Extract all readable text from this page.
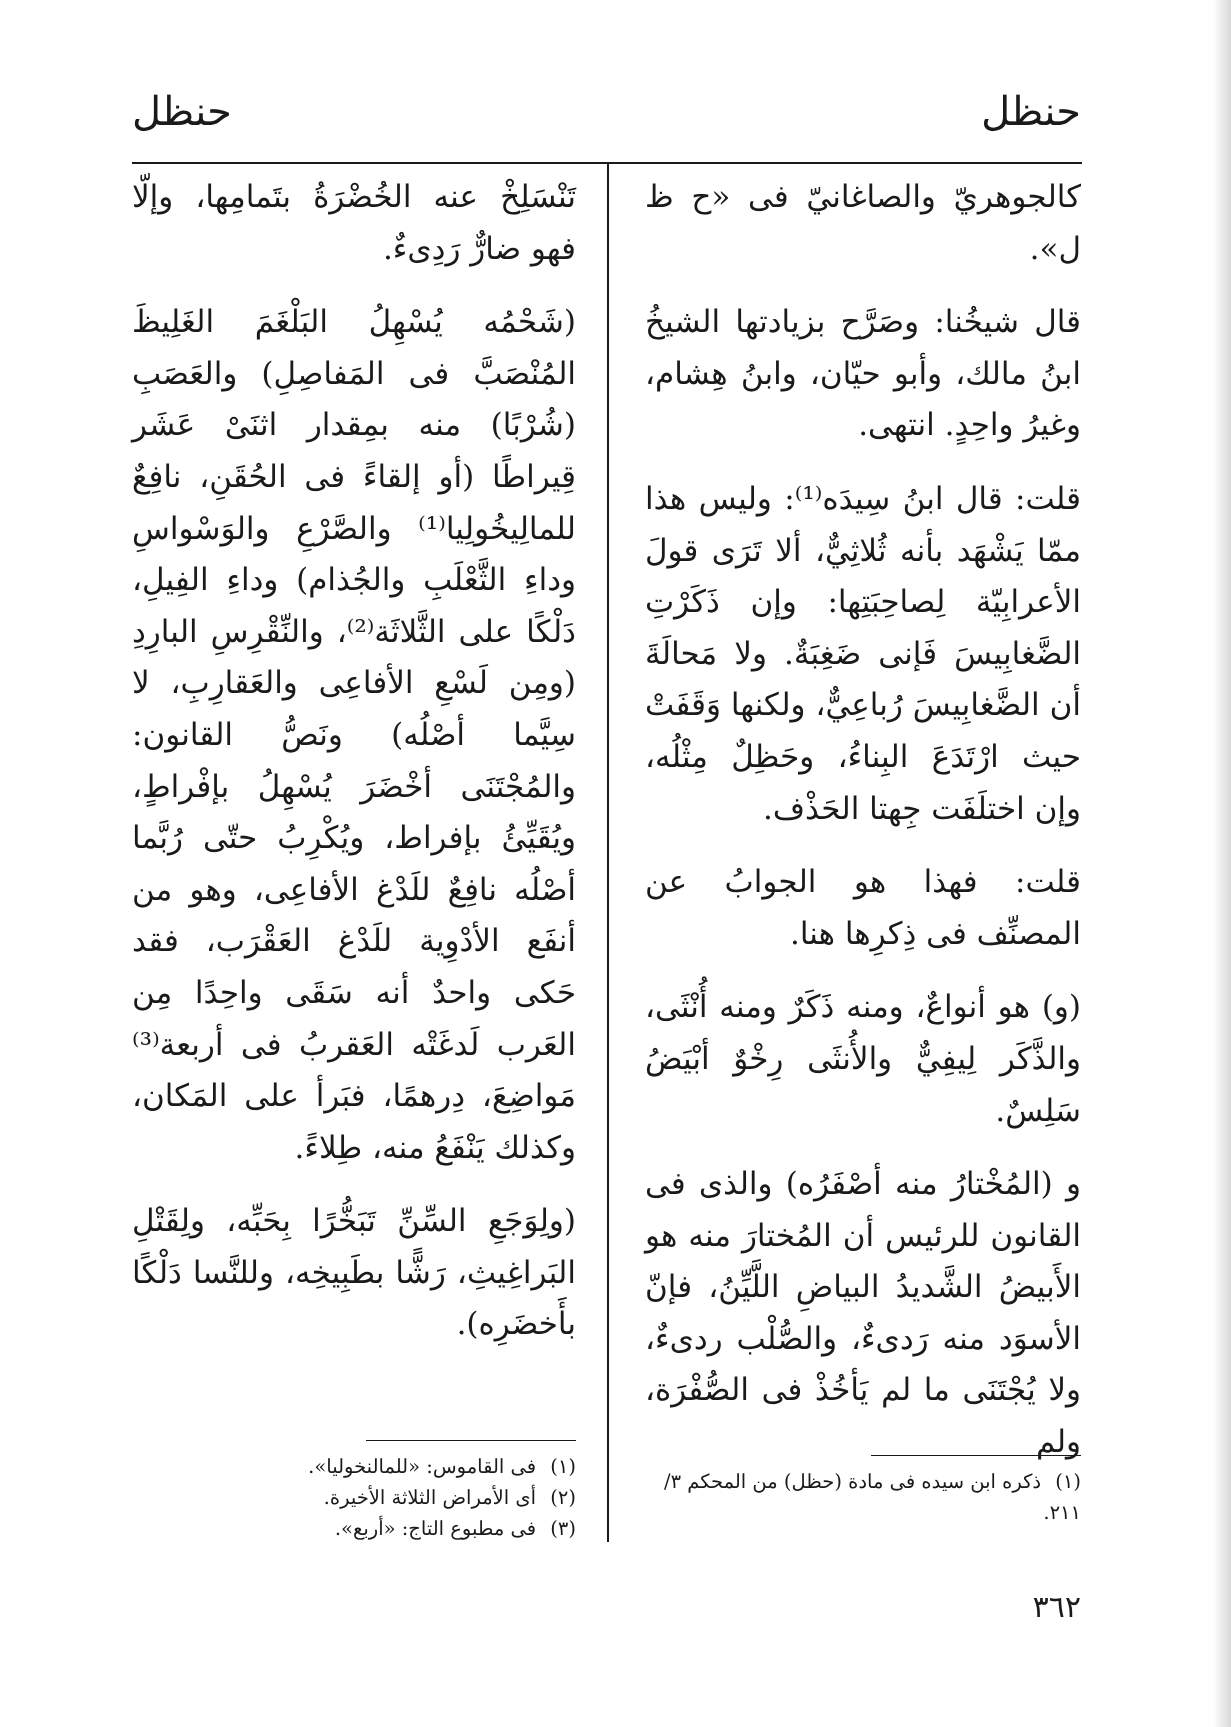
حنظل
حنظل

كالجوهريّ والصاغانيّ فى «ح ظ ل».

قال شيخُنا: وصَرَّح بزيادتها الشيخُ ابنُ مالك، وأبو حيّان، وابنُ هِشام، وغيرُ واحِدٍ. انتهى.

قلت: قال ابنُ سِيدَه⁽¹⁾: وليس هذا ممّا يَشْهَد بأنه ثُلاثِيٌّ، ألا تَرَى قولَ الأعرابِيّة لِصاحِبَتِها: وإن ذَكَرْتِ الضَّغابِيسَ فَإنى ضَغِبَةٌ. ولا مَحالَةَ أن الضَّغابِيسَ رُباعِيٌّ، ولكنها وَقَفَتْ حيث ارْتَدَعَ البِناءُ، وحَظِلٌ مِثْلُه، وإن اختلَفَت جِهتا الحَذْف.

قلت: فهذا هو الجوابُ عن المصنِّف فى ذِكرِها هنا.

(و) هو أنواعٌ، ومنه ذَكَرٌ ومنه أُنْثَى، والذَّكَر لِيفِيٌّ والأُنثَى رِخْوٌ أبْيَضُ سَلِسٌ.

و (المُخْتارُ منه أصْفَرُه) والذى فى القانون للرئيس أن المُختارَ منه هو الأَبيضُ الشَّديدُ البياضِ اللَّيِّنُ، فإنّ الأسوَد منه رَدىءٌ، والصُّلْب ردىءٌ، ولا يُجْتَنَى ما لم يَأخُذْ فى الصُّفْرَة، ولم

(١) ذكره ابن سيده فى مادة (حظل) من المحكم ٣/ ٢١١.

تَنْسَلِخْ عنه الخُضْرَةُ بتَمامِها، وإلّا فهو ضارٌّ رَدِىءٌ.

(شَحْمُه يُسْهِلُ البَلْغَمَ الغَلِيظَ المُنْصَبَّ فى المَفاصِلِ) والعَصَبِ (شُرْبًا) منه بمِقدار اثنَىْ عَشَر قِيراطًا (أو إلقاءً فى الحُقَنِ، نافِعٌ للمالِيخُولِيا⁽¹⁾ والصَّرْعِ والوَسْواسِ وداءِ الثَّعْلَبِ والجُذام) وداءِ الفِيلِ، دَلْكًا على الثَّلاثَة⁽²⁾، والنِّقْرِسِ البارِدِ (ومِن لَسْعِ الأفاعِى والعَقارِبِ، لا سِيَّما أصْلُه) ونَصُّ القانون: والمُجْتَنَى أخْضَرَ يُسْهِلُ بإفْراطٍ، ويُقَيِّئُ بإفراط، ويُكْرِبُ حتّى رُبَّما أصْلُه نافِعٌ للَدْغ الأفاعِى، وهو من أنفَع الأدْوِية للَدْغ العَقْرَب، فقد حَكى واحدٌ أنه سَقَى واحِدًا مِن العَرب لَدغَتْه العَقربُ فى أربعة⁽³⁾ مَواضِعَ، دِرهمًا، فبَرأ على المَكان، وكذلك يَنْفَعُ منه، طِلاءً.

(ولِوَجَعِ السِّنِّ تَبَخُّرًا بِحَبِّه، ولِقَتْلِ البَراغِيثِ، رَشًّا بطَبِيخِه، وللنَّسا دَلْكًا بأَخضَرِه).

(١) فى القاموس: «للمالنخوليا».

(٢) أى الأمراض الثلاثة الأخيرة.

(٣) فى مطبوع التاج: «أربع».

٣٦٢
